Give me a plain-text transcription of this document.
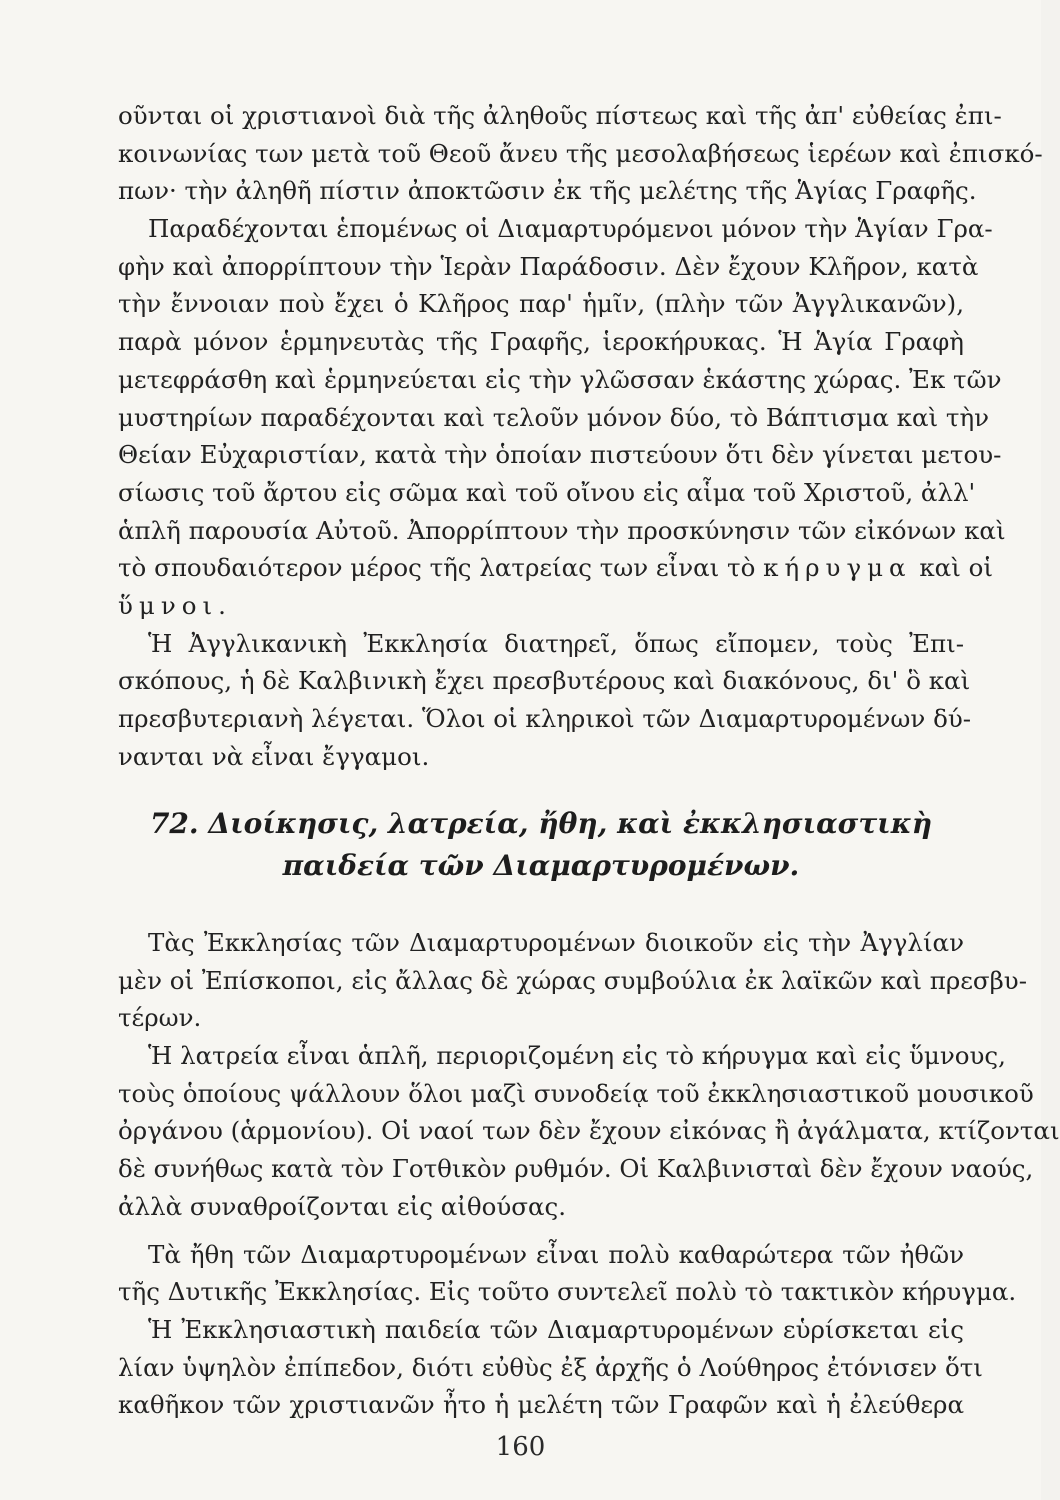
οῦνται οἱ χριστιανοὶ διὰ τῆς ἀληθοῦς πίστεως καὶ τῆς ἀπ' εὐθείας ἐπι-
κοινωνίας των μετὰ τοῦ Θεοῦ ἄνευ τῆς μεσολαβήσεως ἱερέων καὶ ἐπισκό-
πων· τὴν ἀληθῆ πίστιν ἀποκτῶσιν ἐκ τῆς μελέτης τῆς Ἁγίας Γραφῆς.
Παραδέχονται ἑπομένως οἱ Διαμαρτυρόμενοι μόνον τὴν Ἁγίαν Γρα-
φὴν καὶ ἀπορρίπτουν τὴν Ἱερὰν Παράδοσιν. Δὲν ἔχουν Κλῆρον, κατὰ
τὴν ἔννοιαν ποὺ ἔχει ὁ Κλῆρος παρ' ἡμῖν, (πλὴν τῶν Ἀγγλικανῶν),
παρὰ μόνον ἑρμηνευτὰς τῆς Γραφῆς, ἱεροκήρυκας. Ἡ Ἁγία Γραφὴ
μετεφράσθη καὶ ἑρμηνεύεται εἰς τὴν γλῶσσαν ἑκάστης χώρας. Ἐκ τῶν
μυστηρίων παραδέχονται καὶ τελοῦν μόνον δύο, τὸ Βάπτισμα καὶ τὴν
Θείαν Εὐχαριστίαν, κατὰ τὴν ὁποίαν πιστεύουν ὅτι δὲν γίνεται μετου-
σίωσις τοῦ ἄρτου εἰς σῶμα καὶ τοῦ οἴνου εἰς αἷμα τοῦ Χριστοῦ, ἀλλ'
ἁπλῆ παρουσία Αὐτοῦ. Ἀπορρίπτουν τὴν προσκύνησιν τῶν εἰκόνων καὶ
τὸ σπουδαιότερον μέρος τῆς λατρείας των εἶναι τὸ κήρυγμα καὶ οἱ
ὕμνοι.
Ἡ Ἀγγλικανικὴ Ἐκκλησία διατηρεῖ, ὅπως εἴπομεν, τοὺς Ἐπι-
σκόπους, ἡ δὲ Καλβινικὴ ἔχει πρεσβυτέρους καὶ διακόνους, δι' ὃ καὶ
πρεσβυτεριανὴ λέγεται. Ὅλοι οἱ κληρικοὶ τῶν Διαμαρτυρομένων δύ-
νανται νὰ εἶναι ἔγγαμοι.
72. Διοίκησις, λατρεία, ἤθη, καὶ ἐκκλησιαστικὴ
παιδεία τῶν Διαμαρτυρομένων.
Τὰς Ἐκκλησίας τῶν Διαμαρτυρομένων διοικοῦν εἰς τὴν Ἀγγλίαν
μὲν οἱ Ἐπίσκοποι, εἰς ἄλλας δὲ χώρας συμβούλια ἐκ λαϊκῶν καὶ πρεσβυ-
τέρων.
Ἡ λατρεία εἶναι ἁπλῆ, περιοριζομένη εἰς τὸ κήρυγμα καὶ εἰς ὕμνους,
τοὺς ὁποίους ψάλλουν ὅλοι μαζὶ συνοδείᾳ τοῦ ἐκκλησιαστικοῦ μουσικοῦ
ὀργάνου (ἁρμονίου). Οἱ ναοί των δὲν ἔχουν εἰκόνας ἢ ἀγάλματα, κτίζονται
δὲ συνήθως κατὰ τὸν Γοτθικὸν ρυθμόν. Οἱ Καλβινισταὶ δὲν ἔχουν ναούς,
ἀλλὰ συναθροίζονται εἰς αἰθούσας.
Τὰ ἤθη τῶν Διαμαρτυρομένων εἶναι πολὺ καθαρώτερα τῶν ἠθῶν
τῆς Δυτικῆς Ἐκκλησίας. Εἰς τοῦτο συντελεῖ πολὺ τὸ τακτικὸν κήρυγμα.
Ἡ Ἐκκλησιαστικὴ παιδεία τῶν Διαμαρτυρομένων εὑρίσκεται εἰς
λίαν ὑψηλὸν ἐπίπεδον, διότι εὐθὺς ἐξ ἀρχῆς ὁ Λούθηρος ἐτόνισεν ὅτι
καθῆκον τῶν χριστιανῶν ἦτο ἡ μελέτη τῶν Γραφῶν καὶ ἡ ἐλεύθερα
160
